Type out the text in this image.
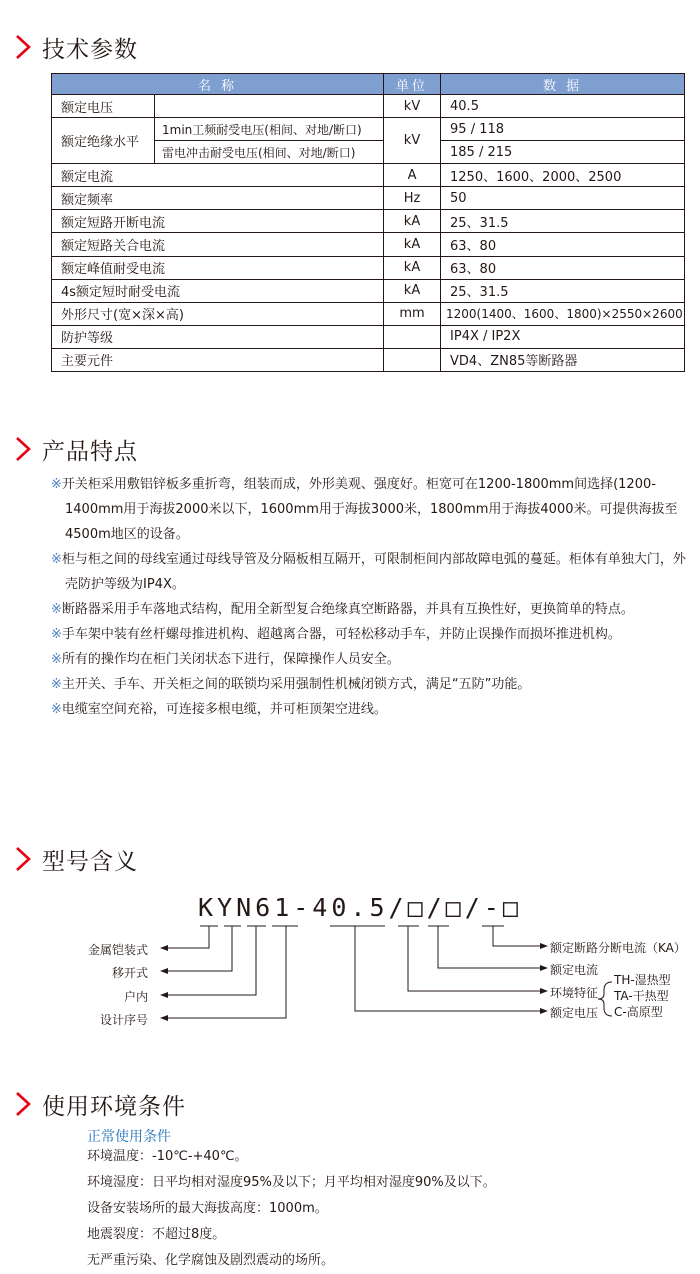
技术参数
名 称		单位	数 据
额定电压		kV	40.5
额定绝缘水平	1min工频耐受电压(相间、对地/断口)	kV	95 / 118
	雷电冲击耐受电压(相间、对地/断口)		185 / 215
额定电流		A	1250、1600、2000、2500
额定频率		Hz	50
额定短路开断电流		kA	25、31.5
额定短路关合电流		kA	63、80
额定峰值耐受电流		kA	63、80
4s额定短时耐受电流		kA	25、31.5
外形尺寸(宽×深×高)		mm	1200(1400、1600、1800)×2550×2600
防护等级			IP4X / IP2X
主要元件			VD4、ZN85等断路器
产品特点

※开关柜采用敷铝锌板多重折弯，组装而成，外形美观、强度好。柜宽可在1200-1800mm间选择(1200-1400mm用于海拔2000米以下，1600mm用于海拔3000米，1800mm用于海拔4000米。可提供海拔至4500m地区的设备。

※柜与柜之间的母线室通过母线导管及分隔板相互隔开，可限制柜间内部故障电弧的蔓延。柜体有单独大门，外壳防护等级为IP4X。

※断路器采用手车落地式结构，配用全新型复合绝缘真空断路器，并具有互换性好，更换简单的特点。

※手车架中装有丝杆螺母推进机构、超越离合器，可轻松移动手车，并防止误操作而损坏推进机构。

※所有的操作均在柜门关闭状态下进行，保障操作人员安全。

※主开关、手车、开关柜之间的联锁均采用强制性机械闭锁方式，满足“五防”功能。

※电缆室空间充裕，可连接多根电缆，并可柜顶架空进线。

型号含义
KYN61-40.5/□/□/-□
金属铠装式
移开式
户内
设计序号
额定断路分断电流（KA）
额定电流
环境特征
额定电压
TH-湿热型
TA-干热型
C-高原型
使用环境条件
正常使用条件
环境温度：-10℃-+40℃。
环境湿度：日平均相对湿度95%及以下；月平均相对湿度90%及以下。
设备安装场所的最大海拔高度：1000m。
地震裂度：不超过8度。
无严重污染、化学腐蚀及剧烈震动的场所。
